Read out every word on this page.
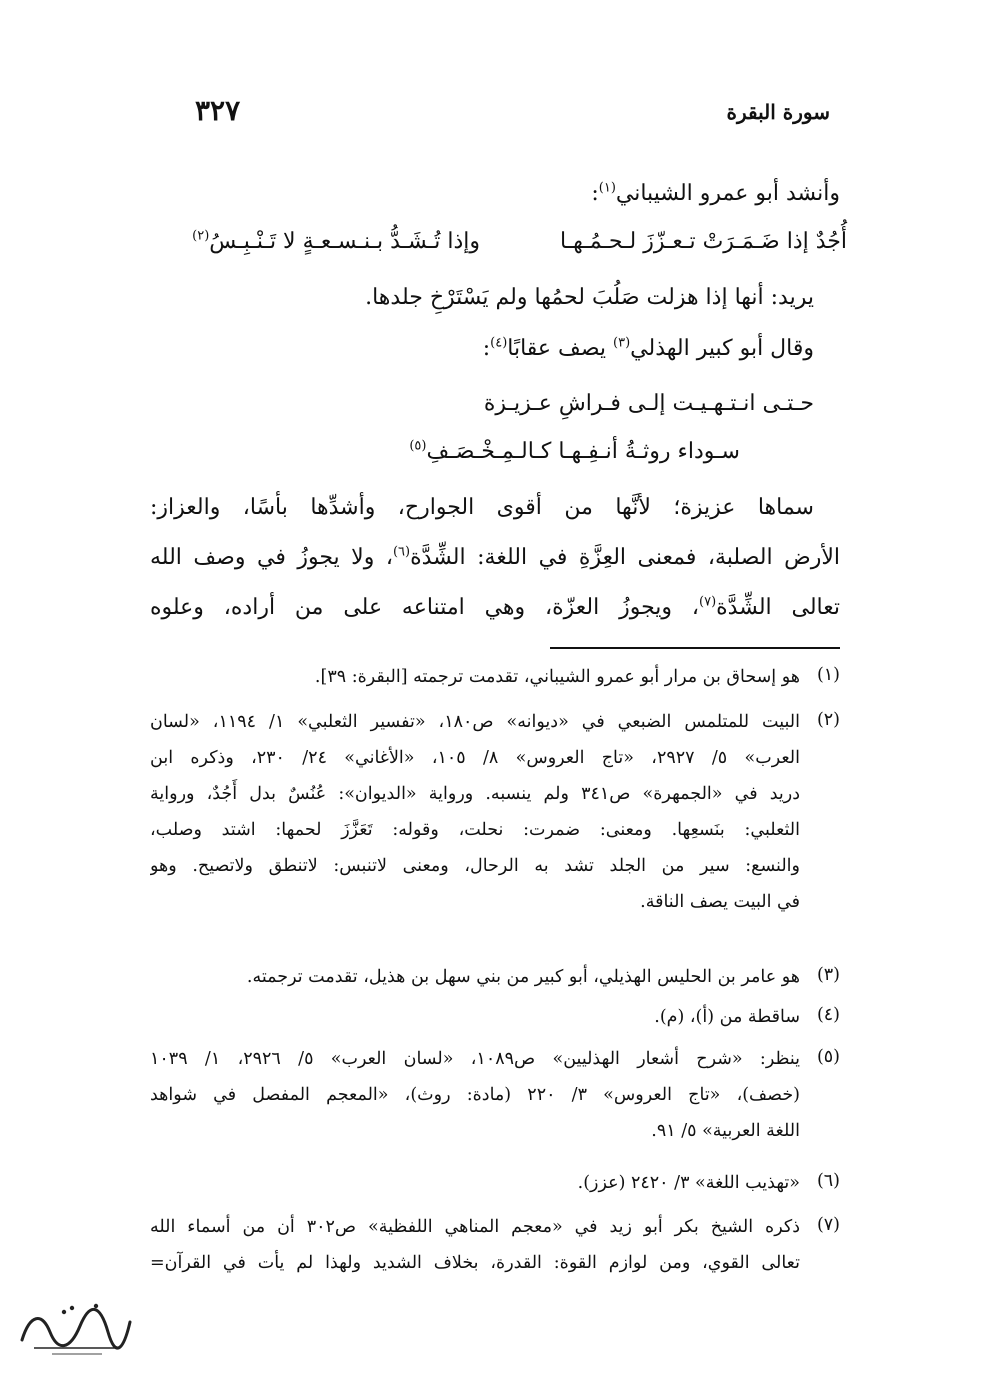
سورة البقرة
٣٢٧
وأنشد أبو عمرو الشيباني$^{(١)}$:
أُجُدٌ إذا ضَـمَـرَتْ تـعـزّزَ لـحـمُـهـا
وإذا تُـشَـدُّ بـنـسـعـةٍ لا تَـنْـبِـسُ$^{(٢)}$
يريد: أنها إذا هزلت صَلُبَ لحمُها ولم يَسْتَرْخِ جلدها.
وقال أبو كبير الهذلي$^{(٣)}$ يصف عقابًا$^{(٤)}$:
حـتـى انـتـهـيـت إلـى فـراشِ عـزيـزة
سـوداء روثـةُ أنـفِـهـا كـالـمِـخْـصَـفِ$^{(٥)}$
سماها عزيزة؛ لأنَّها من أقوى الجوارح، وأشدِّها بأسًا، والعزاز:
الأرض الصلبة، فمعنى العِزَّةِ في اللغة: الشِّدَّة$^{(٦)}$، ولا يجوزُ في وصف الله
تعالى الشِّدَّة$^{(٧)}$، ويجوزُ العزّة، وهي امتناعه على من أراده، وعلوه
(١)
هو إسحاق بن مرار أبو عمرو الشيباني، تقدمت ترجمته [البقرة: ٣٩].
(٢)
البيت للمتلمس الضبعي في «ديوانه» ص١٨٠، «تفسير الثعلبي» ١/ ١١٩٤، «لسان
العرب» ٥/ ٢٩٢٧، «تاج العروس» ٨/ ١٠٥، «الأغاني» ٢٤/ ٢٣٠، وذكره ابن
دريد في «الجمهرة» ص٣٤١ ولم ينسبه. ورواية «الديوان»: عُنُسٌ بدل أَجُدٌ، ورواية
الثعلبي: بنَسعِها. ومعنى: ضمرت: نحلت، وقوله: تَعَزَّزَ لحمها: اشتد وصلب،
والنسع: سير من الجلد تشد به الرحال، ومعنى لاتنبس: لاتنطق ولاتصيح. وهو
في البيت يصف الناقة.
(٣)
هو عامر بن الحليس الهذيلي، أبو كبير من بني سهل بن هذيل، تقدمت ترجمته.
(٤)
ساقطة من (أ)، (م).
(٥)
ينظر: «شرح أشعار الهذليين» ص١٠٨٩، «لسان العرب» ٥/ ٢٩٢٦، ١/ ١٠٣٩
(خصف)، «تاج العروس» ٣/ ٢٢٠ (مادة: روث)، «المعجم المفصل في شواهد
اللغة العربية» ٥/ ٩١.
(٦)
«تهذيب اللغة» ٣/ ٢٤٢٠ (عزز).
(٧)
ذكره الشيخ بكر أبو زيد في «معجم المناهي اللفظية» ص٣٠٢ أن من أسماء الله
تعالى القوي، ومن لوازم القوة: القدرة، بخلاف الشديد ولهذا لم يأت في القرآن=
